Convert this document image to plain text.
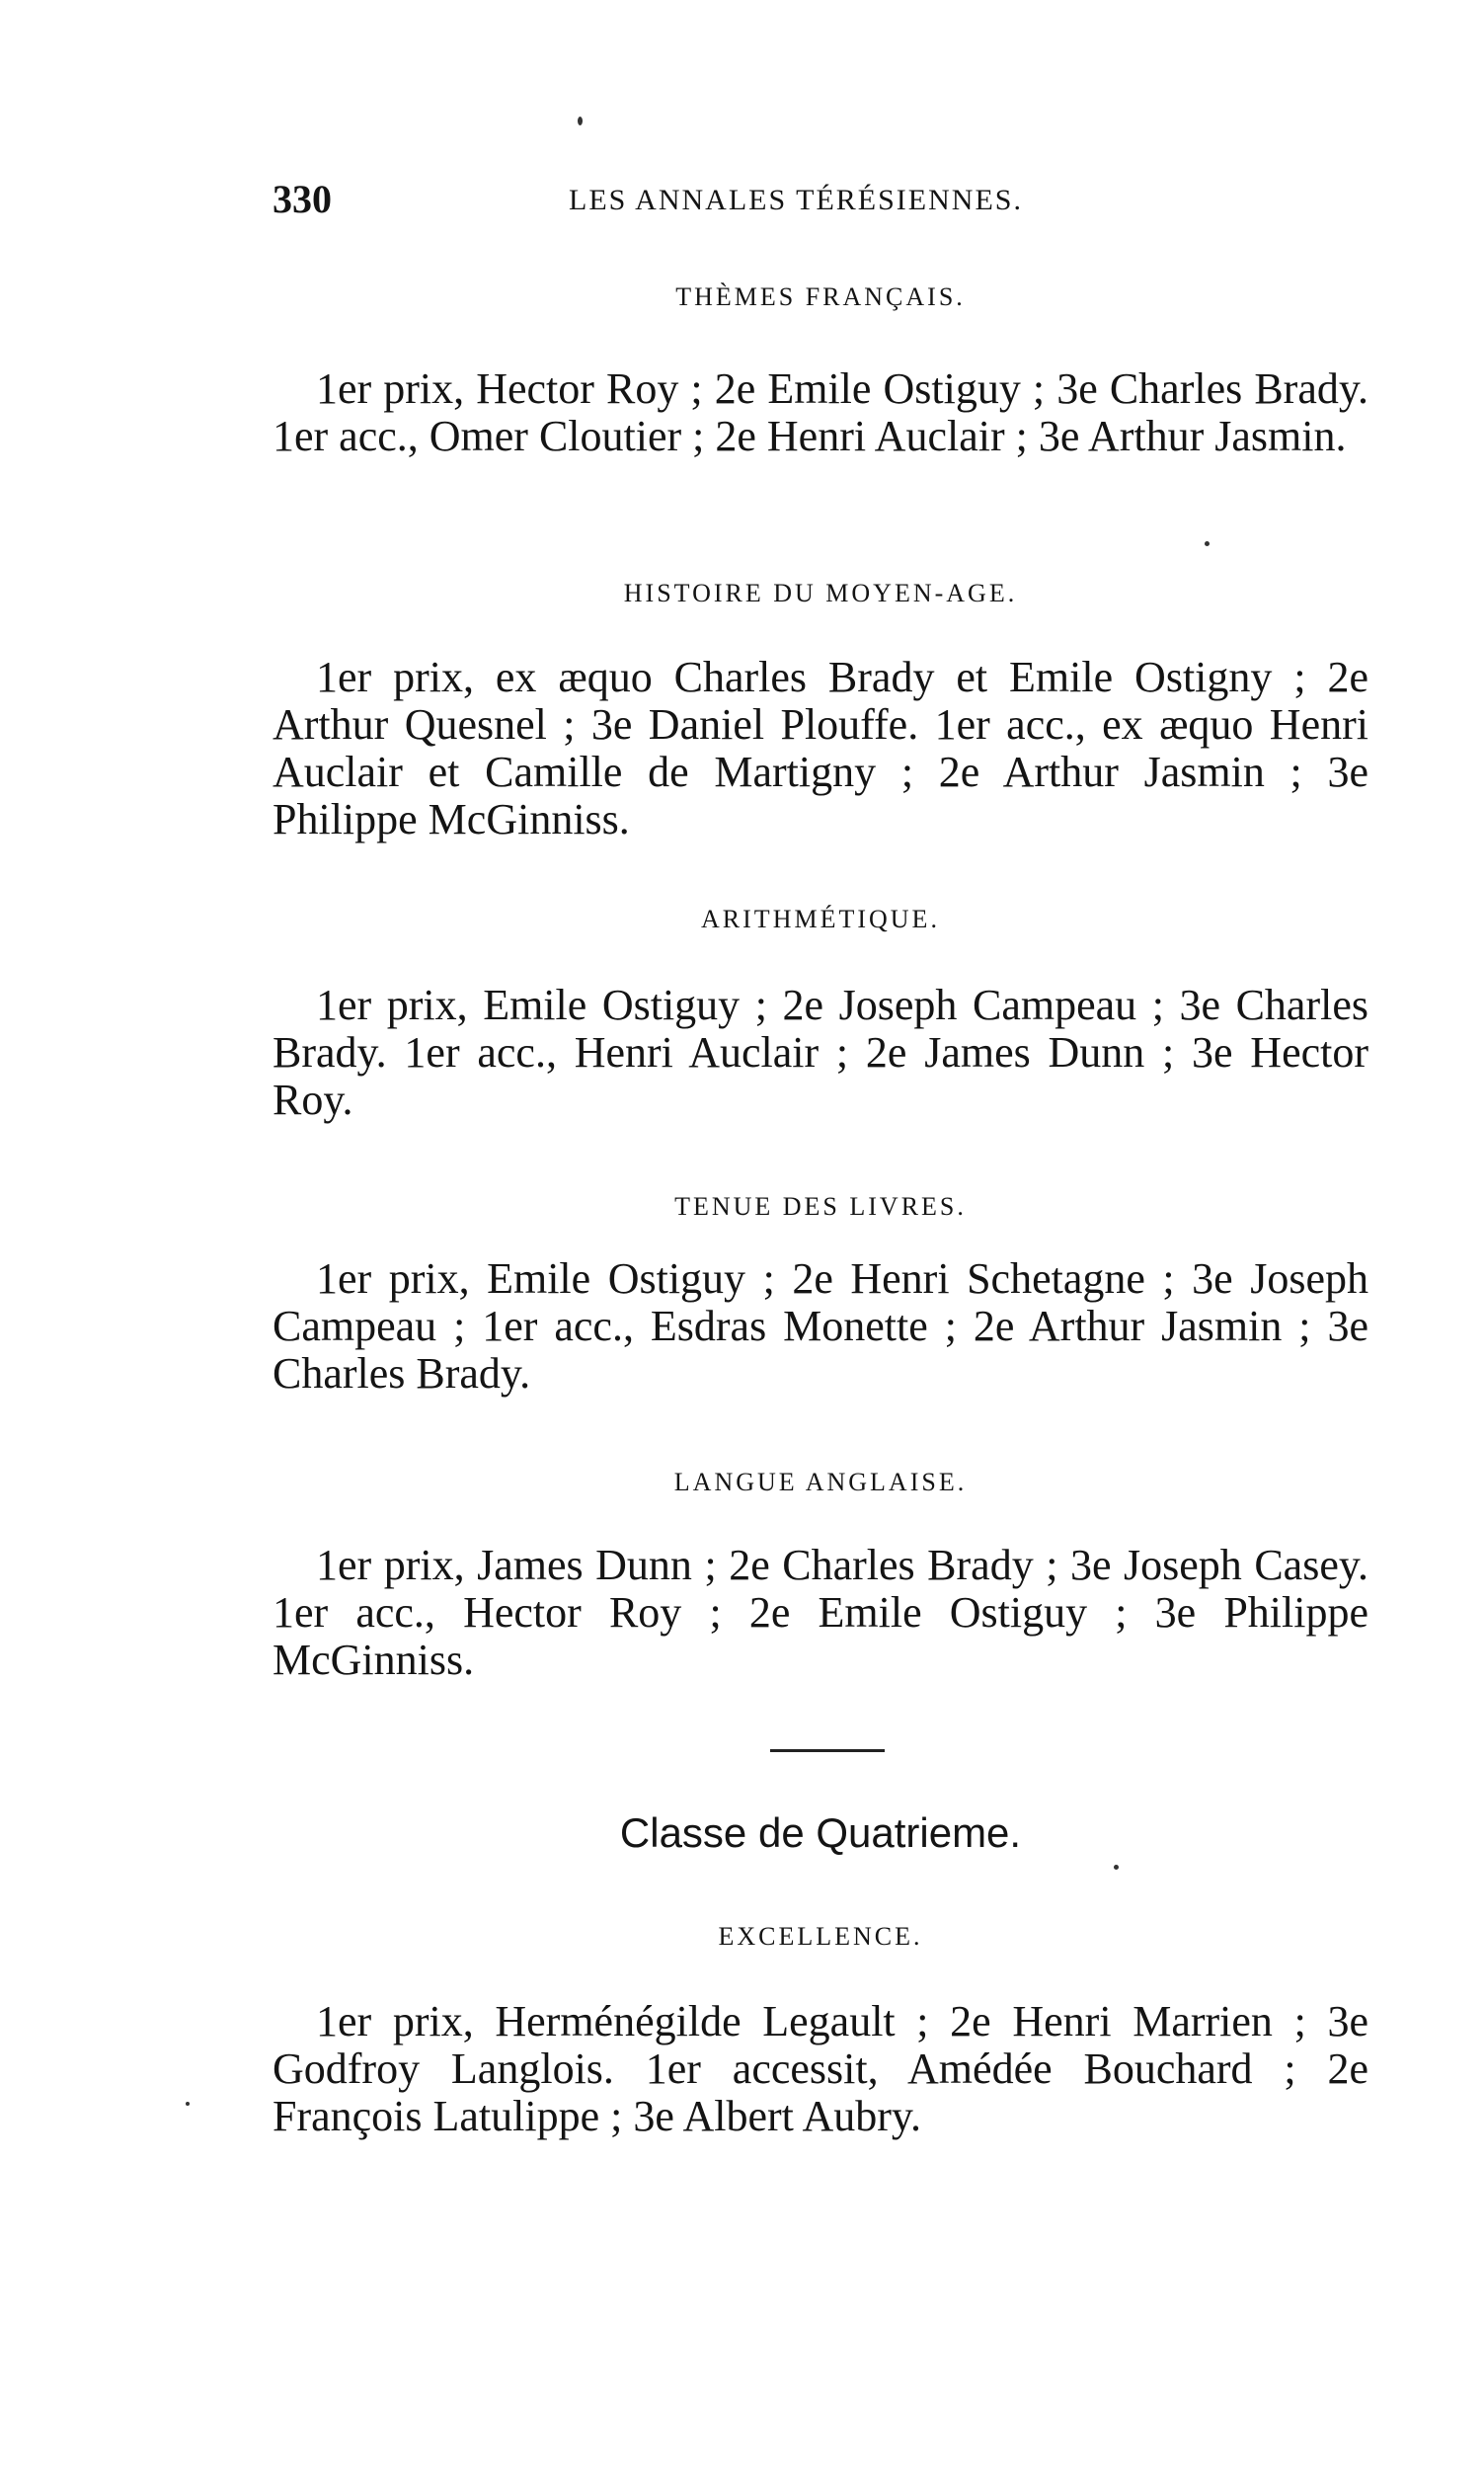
330	LES ANNALES TÉRÉSIENNES.
THÈMES FRANÇAIS.
1er prix, Hector Roy ; 2e Emile Ostiguy ; 3e Charles Brady. 1er acc., Omer Cloutier ; 2e Henri Auclair ; 3e Arthur Jasmin.
HISTOIRE DU MOYEN-AGE.
1er prix, ex æquo Charles Brady et Emile Ostigny ; 2e Arthur Quesnel ; 3e Daniel Plouffe. 1er acc., ex æquo Henri Auclair et Camille de Martigny ; 2e Arthur Jasmin ; 3e Philippe McGinniss.
ARITHMÉTIQUE.
1er prix, Emile Ostiguy ; 2e Joseph Campeau ; 3e Charles Brady. 1er acc., Henri Auclair ; 2e James Dunn ; 3e Hector Roy.
TENUE DES LIVRES.
1er prix, Emile Ostiguy ; 2e Henri Schetagne ; 3e Joseph Campeau ; 1er acc., Esdras Monette ; 2e Arthur Jasmin ; 3e Charles Brady.
LANGUE ANGLAISE.
1er prix, James Dunn ; 2e Charles Brady ; 3e Joseph Casey. 1er acc., Hector Roy ; 2e Emile Ostiguy ; 3e Philippe McGinniss.
Classe de Quatrieme.
EXCELLENCE.
1er prix, Herménégilde Legault ; 2e Henri Marrien ; 3e Godfroy Langlois. 1er accessit, Amédée Bouchard ; 2e François Latulippe ; 3e Albert Aubry.
